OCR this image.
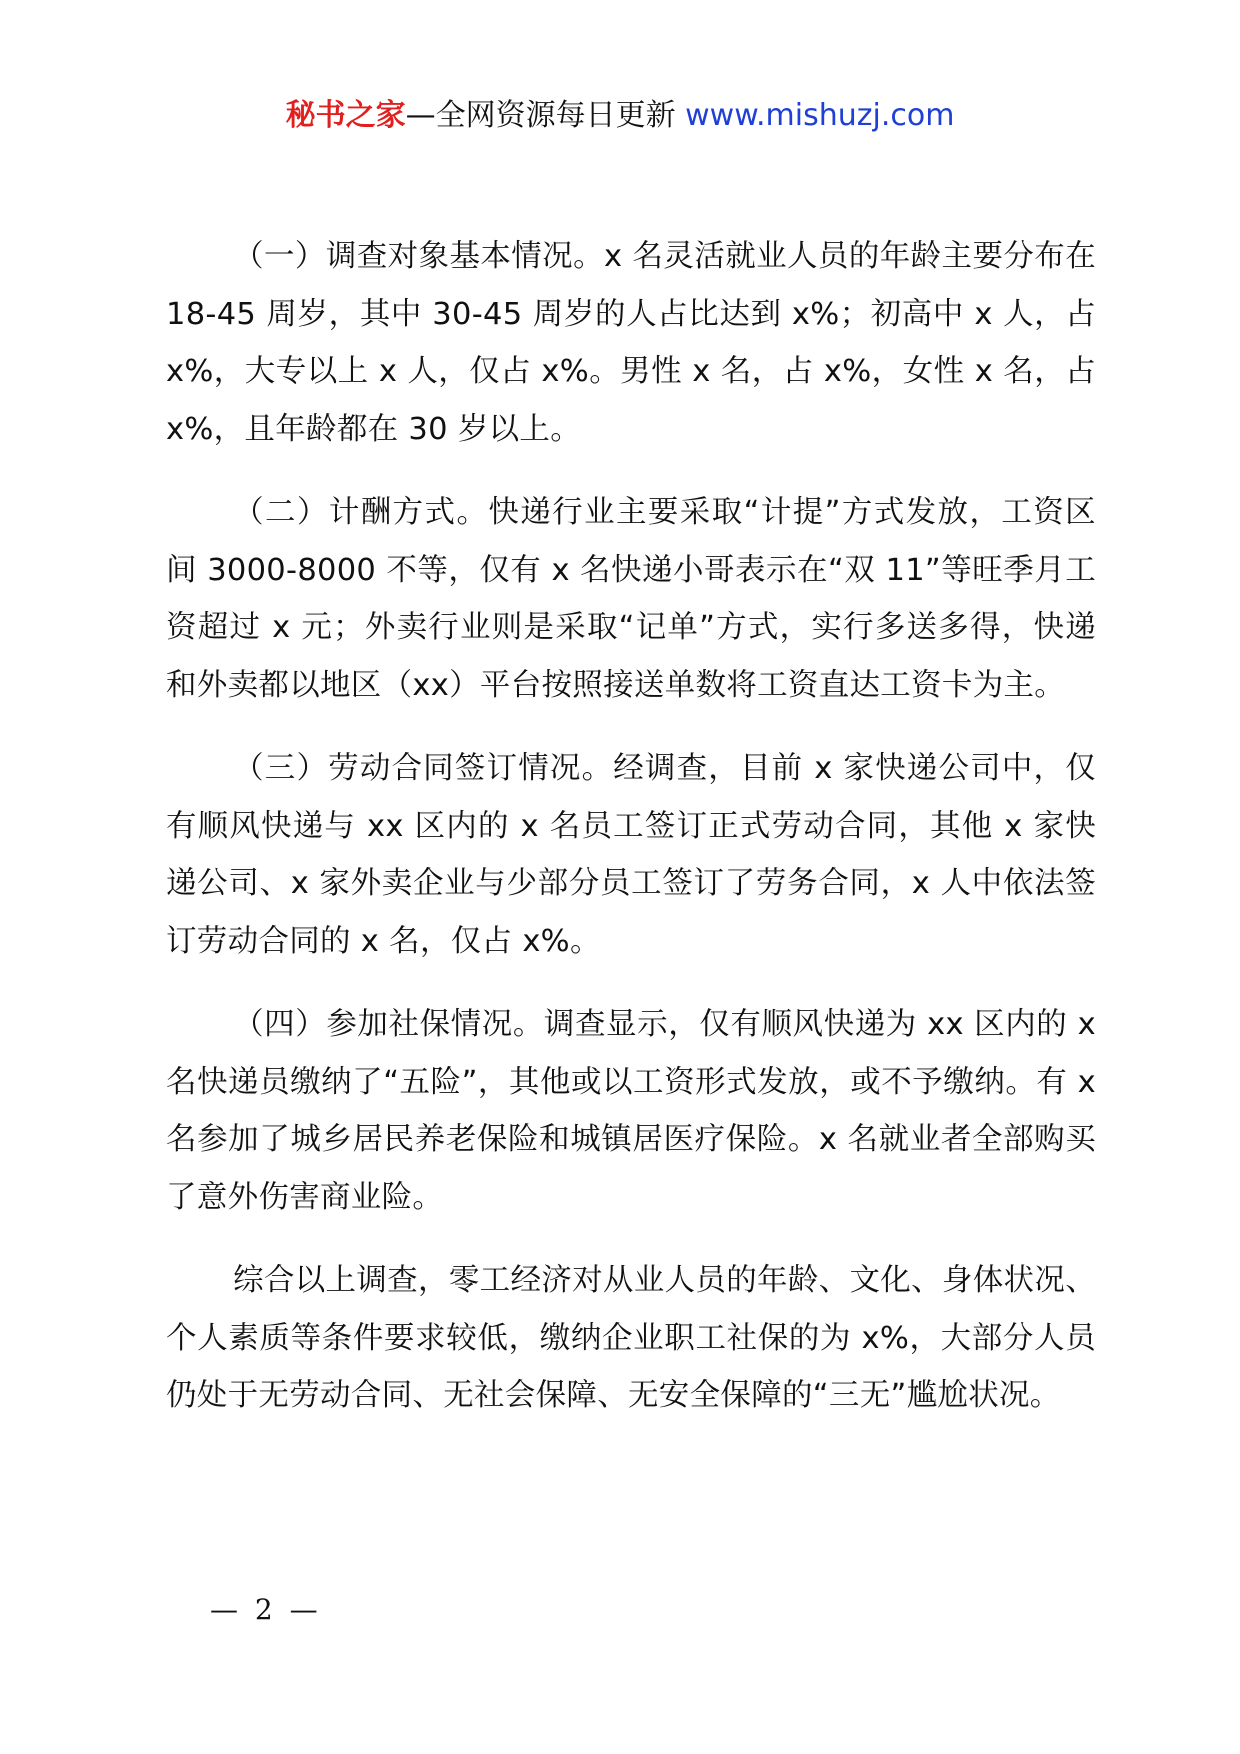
秘书之家—全网资源每日更新 www.mishuzj.com

（一）调查对象基本情况。x 名灵活就业人员的年龄主要分布在 18-45 周岁，其中 30-45 周岁的人占比达到 x%；初高中 x 人，占 x%，大专以上 x 人，仅占 x%。男性 x 名，占 x%，女性 x 名，占 x%，且年龄都在 30 岁以上。

（二）计酬方式。快递行业主要采取“计提”方式发放，工资区间 3000-8000 不等，仅有 x 名快递小哥表示在“双 11”等旺季月工资超过 x 元；外卖行业则是采取“记单”方式，实行多送多得，快递和外卖都以地区（xx）平台按照接送单数将工资直达工资卡为主。

（三）劳动合同签订情况。经调查，目前 x 家快递公司中，仅有顺风快递与 xx 区内的 x 名员工签订正式劳动合同，其他 x 家快递公司、x 家外卖企业与少部分员工签订了劳务合同，x 人中依法签订劳动合同的 x 名，仅占 x%。

（四）参加社保情况。调查显示，仅有顺风快递为 xx 区内的 x 名快递员缴纳了“五险”，其他或以工资形式发放，或不予缴纳。有 x 名参加了城乡居民养老保险和城镇居医疗保险。x 名就业者全部购买了意外伤害商业险。

综合以上调查，零工经济对从业人员的年龄、文化、身体状况、个人素质等条件要求较低，缴纳企业职工社保的为 x%，大部分人员仍处于无劳动合同、无社会保障、无安全保障的“三无”尴尬状况。

— 2 —
